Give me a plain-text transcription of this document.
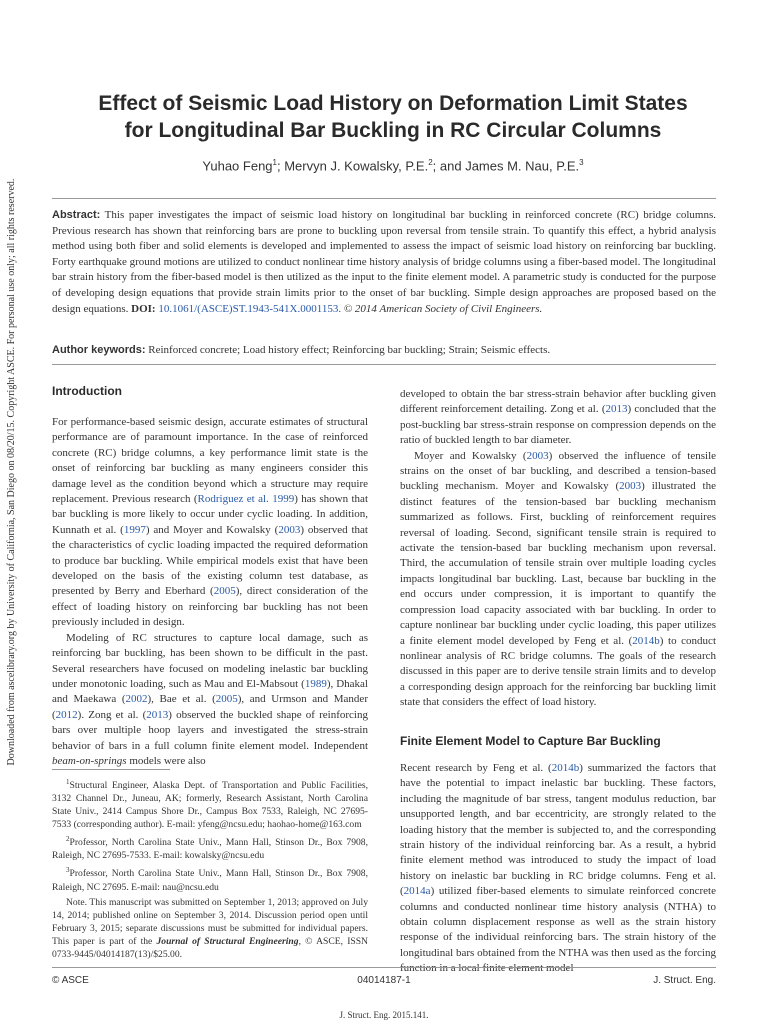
Downloaded from ascelibrary.org by University of California, San Diego on 08/20/15. Copyright ASCE. For personal use only; all rights reserved.
Effect of Seismic Load History on Deformation Limit States
for Longitudinal Bar Buckling in RC Circular Columns
Yuhao Feng$^1$; Mervyn J. Kowalsky, P.E.$^2$; and James M. Nau, P.E.$^3$
Abstract: This paper investigates the impact of seismic load history on longitudinal bar buckling in reinforced concrete (RC) bridge columns. Previous research has shown that reinforcing bars are prone to buckling upon reversal from tensile strain. To quantify this effect, a hybrid analysis method using both fiber and solid elements is developed and implemented to assess the impact of seismic load history on reinforcing bar buckling. Forty earthquake ground motions are utilized to conduct nonlinear time history analysis of bridge columns using a fiber-based model. The longitudinal bar strain history from the fiber-based model is then utilized as the input to the finite element model. A parametric study is conducted for the purpose of developing design equations that provide strain limits prior to the onset of bar buckling. Simple design approaches are proposed based on the design equations. DOI: 10.1061/(ASCE)ST.1943-541X.0001153. © 2014 American Society of Civil Engineers.
Author keywords: Reinforced concrete; Load history effect; Reinforcing bar buckling; Strain; Seismic effects.
Introduction

For performance-based seismic design, accurate estimates of structural performance are of paramount importance. In the case of reinforced concrete (RC) bridge columns, a key performance limit state is the onset of reinforcing bar buckling as many engineers consider this damage level as the condition beyond which a structure may require replacement. Previous research (Rodriguez et al. 1999) has shown that bar buckling is more likely to occur under cyclic loading. In addition, Kunnath et al. (1997) and Moyer and Kowalsky (2003) observed that the characteristics of cyclic loading impacted the required deformation to produce bar buckling. While empirical models exist that have been developed on the basis of the existing column test database, as presented by Berry and Eberhard (2005), direct consideration of the effect of loading history on reinforcing bar buckling has not been previously included in design.

Modeling of RC structures to capture local damage, such as reinforcing bar buckling, has been shown to be difficult in the past. Several researchers have focused on modeling inelastic bar buckling under monotonic loading, such as Mau and El-Mabsout (1989), Dhakal and Maekawa (2002), Bae et al. (2005), and Urmson and Mander (2012). Zong et al. (2013) observed the buckled shape of reinforcing bars over multiple hoop layers and investigated the stress-strain behavior of bars in a full column finite element model. Independent beam-on-springs models were also

$^1$Structural Engineer, Alaska Dept. of Transportation and Public Facilities, 3132 Channel Dr., Juneau, AK; formerly, Research Assistant, North Carolina State Univ., 2414 Campus Shore Dr., Campus Box 7533, Raleigh, NC 27695-7533 (corresponding author). E-mail: yfeng@ncsu.edu; haohao-home@163.com

$^2$Professor, North Carolina State Univ., Mann Hall, Stinson Dr., Box 7908, Raleigh, NC 27695-7533. E-mail: kowalsky@ncsu.edu

$^3$Professor, North Carolina State Univ., Mann Hall, Stinson Dr., Box 7908, Raleigh, NC 27695. E-mail: nau@ncsu.edu

Note. This manuscript was submitted on September 1, 2013; approved on July 14, 2014; published online on September 3, 2014. Discussion period open until February 3, 2015; separate discussions must be submitted for individual papers. This paper is part of the Journal of Structural Engineering, © ASCE, ISSN 0733-9445/04014187(13)/$25.00.

developed to obtain the bar stress-strain behavior after buckling given different reinforcement detailing. Zong et al. (2013) concluded that the post-buckling bar stress-strain response on compression depends on the ratio of buckled length to bar diameter.

Moyer and Kowalsky (2003) observed the influence of tensile strains on the onset of bar buckling, and described a tension-based buckling mechanism. Moyer and Kowalsky (2003) illustrated the distinct features of the tension-based bar buckling mechanism summarized as follows. First, buckling of reinforcement requires reversal of loading. Second, significant tensile strain is required to activate the tension-based bar buckling mechanism upon reversal. Third, the accumulation of tensile strain over multiple loading cycles impacts longitudinal bar buckling. Last, because bar buckling in the end occurs under compression, it is important to quantify the compression load capacity associated with bar buckling. In order to capture nonlinear bar buckling under cyclic loading, this paper utilizes a finite element model developed by Feng et al. (2014b) to conduct nonlinear analysis of RC bridge columns. The goals of the research discussed in this paper are to derive tensile strain limits and to develop a corresponding design approach for the reinforcing bar buckling limit state that considers the effect of load history.

Finite Element Model to Capture Bar Buckling

Recent research by Feng et al. (2014b) summarized the factors that have the potential to impact inelastic bar buckling. These factors, including the magnitude of bar stress, tangent modulus reduction, bar unsupported length, and bar eccentricity, are strongly related to the loading history that the member is subjected to, and the corresponding strain history of the individual reinforcing bar. As a result, a hybrid finite element method was introduced to study the impact of load history on inelastic bar buckling in RC bridge columns. Feng et al. (2014a) utilized fiber-based elements to simulate reinforced concrete columns and conducted nonlinear time history analysis (NTHA) to obtain column displacement response as well as the strain history response of the individual reinforcing bars. The strain history of the longitudinal bars obtained from the NTHA was then used as the forcing function in a local finite element model

04014187-1
© ASCE	J. Struct. Eng.
J. Struct. Eng. 2015.141.
